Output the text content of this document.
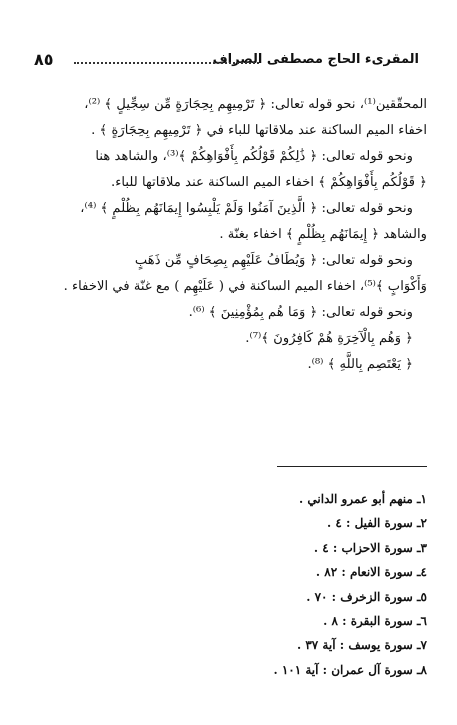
المقرىء الحاج مصطفى الصراف
٨٥
المحقّقين⁽¹⁾، نحو قوله تعالى: ﴿ تَرْمِيهِم بِحِجَارَةٍ مِّن سِجِّيلٍ ﴾ ⁽²⁾،
اخفاء الميم الساكنة عند ملاقاتها للباء في ﴿ تَرْمِيهِم بِحِجَارَةٍ ﴾ .
ونحو قوله تعالى: ﴿ ذَٰلِكُمْ قَوْلُكُم بِأَفْوَاهِكُمْ ﴾⁽³⁾، والشاهد هنا
﴿ قَوْلُكُم بِأَفْوَاهِكُمْ ﴾ اخفاء الميم الساكنة عند ملاقاتها للباء.
ونحو قوله تعالى: ﴿ الَّذِينَ آمَنُوا وَلَمْ يَلْبِسُوا إِيمَانَهُم بِظُلْمٍ ﴾ ⁽⁴⁾،
والشاهد ﴿ إِيمَانَهُم بِظُلْمٍ ﴾ اخفاء بغنّة .
ونحو قوله تعالى: ﴿ وَيُطَافُ عَلَيْهِم بِصِحَافٍ مِّن ذَهَبٍ
وَأَكْوَابٍ ﴾⁽⁵⁾، اخفاء الميم الساكنة في ( عَلَيْهِم ) مع غنّة في الاخفاء .
ونحو قوله تعالى: ﴿ وَمَا هُم بِمُؤْمِنِينَ ﴾ ⁽⁶⁾.
﴿ وَهُم بِالْآخِرَةِ هُمْ كَافِرُونَ ﴾⁽⁷⁾.
﴿ يَعْتَصِم بِاللَّهِ ﴾ ⁽⁸⁾.
١ـ منهم أبو عمرو الداني .
٢ـ سورة الفيل : ٤ .
٣ـ سورة الاحزاب : ٤ .
٤ـ سورة الانعام : ٨٢ .
٥ـ سورة الزخرف : ٧٠ .
٦ـ سورة البقرة : ٨ .
٧ـ سورة يوسف : آية ٣٧ .
٨ـ سورة آل عمران : آية ١٠١ .
